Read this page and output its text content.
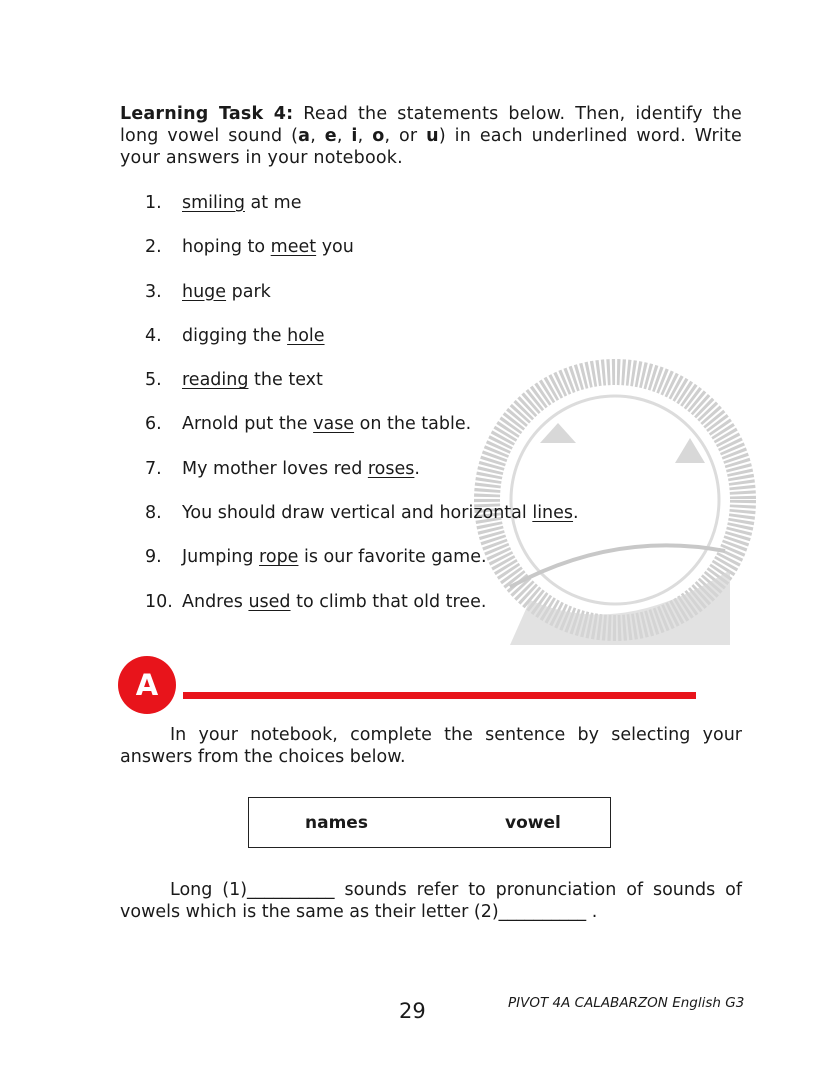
Learning Task 4: Read the statements below. Then, identify the long vowel sound (a, e, i, o, or u) in each underlined word. Write your answers in your notebook.
1. smiling at me
2. hoping to meet you
3. huge park
4. digging the hole
5. reading the text
6. Arnold put the vase on the table.
7. My mother loves red roses.
8. You should draw vertical and horizontal lines.
9. Jumping rope is our favorite game.
10. Andres used to climb that old tree.
A
In your notebook, complete the sentence by selecting your answers from the choices below.
names	vowel
Long (1)__________ sounds refer to pronunciation of sounds of vowels which is the same as their letter (2)__________ .
29	PIVOT 4A CALABARZON English G3
